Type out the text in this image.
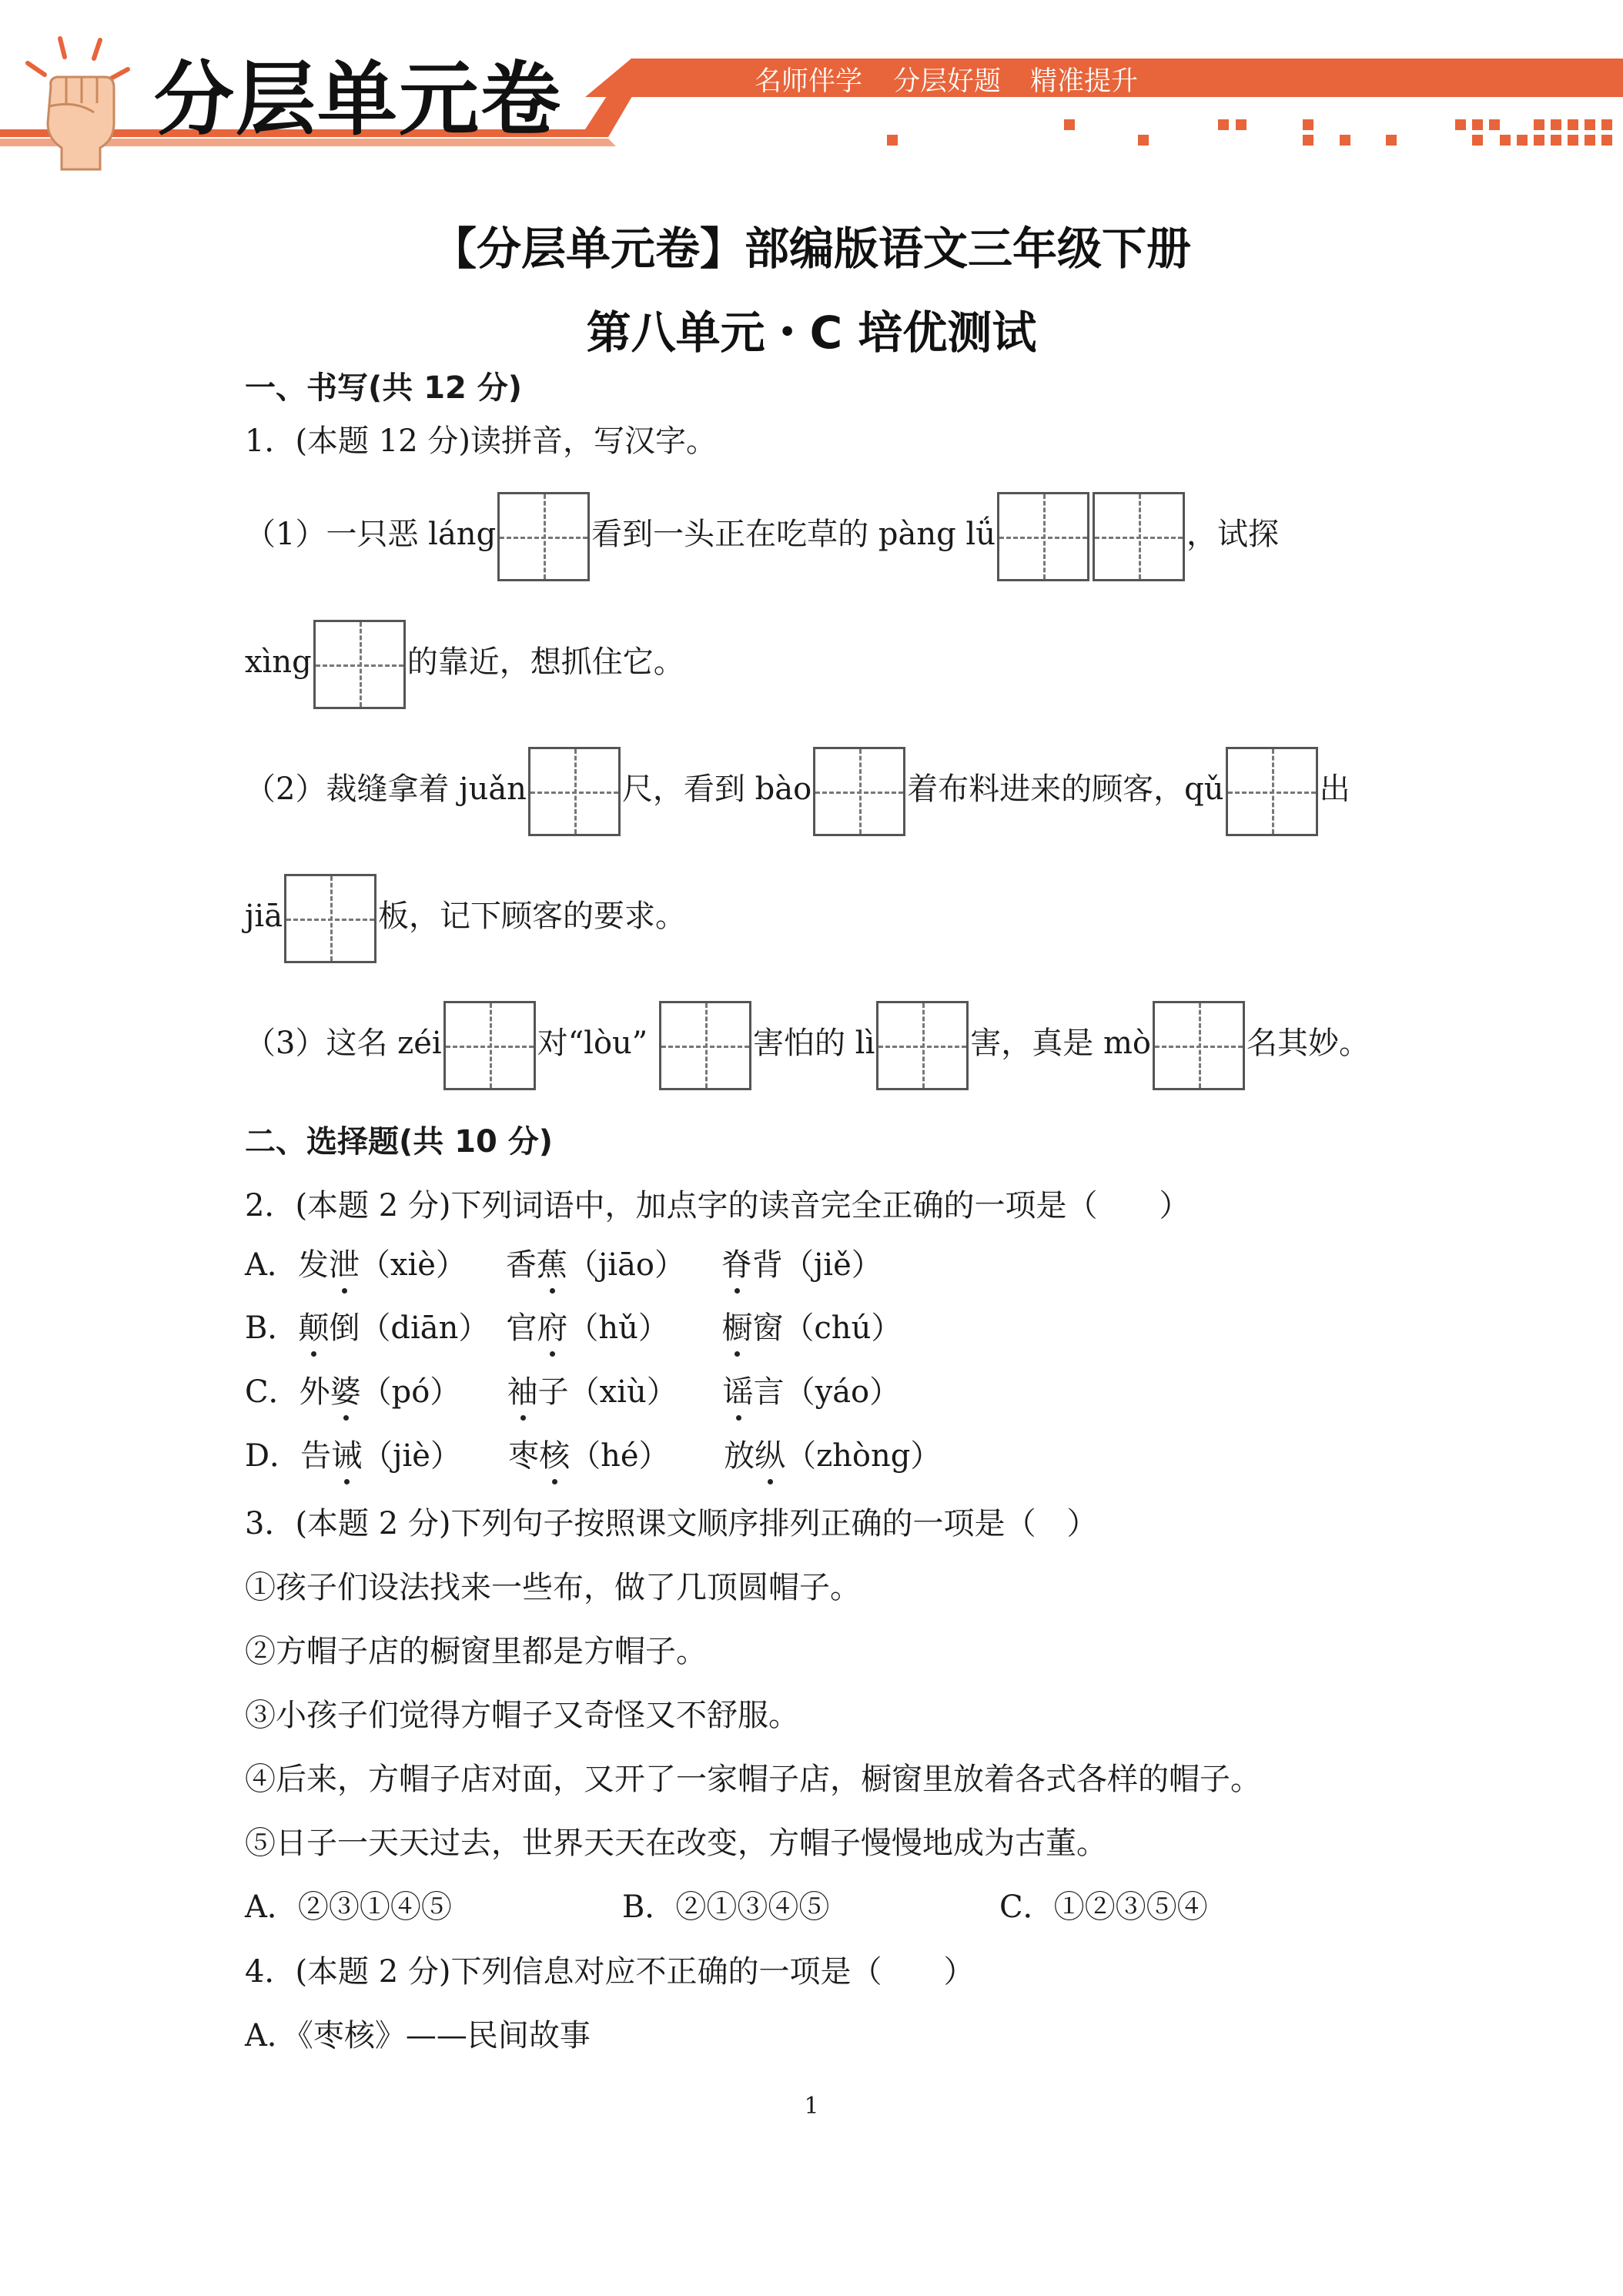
分层单元卷	名师伴学 分层好题 精准提升
【分层单元卷】部编版语文三年级下册
第八单元・C 培优测试
一、书写(共 12 分)
1．(本题 12 分)读拼音，写汉字。
（1）一只恶 láng	看到一头正在吃草的 pàng lǘ	，试探
xìng	的靠近，想抓住它。
（2）裁缝拿着 juǎn	尺，看到 bào	着布料进来的顾客，qǔ	出
jiā	板，记下顾客的要求。
（3）这名 zéi	对“lòu”	害怕的 lì	害，真是 mò	名其妙。
二、选择题(共 10 分)
2．(本题 2 分)下列词语中，加点字的读音完全正确的一项是（　　）
A．发泄（xiè） 香蕉（jiāo） 脊背（jiě）
B．颠倒（diān） 官府（hǔ） 橱窗（chú）
C．外婆（pó） 袖子（xiù） 谣言（yáo）
D．告诫（jiè） 枣核（hé） 放纵（zhòng）
3．(本题 2 分)下列句子按照课文顺序排列正确的一项是（　）
①孩子们设法找来一些布，做了几顶圆帽子。
②方帽子店的橱窗里都是方帽子。
③小孩子们觉得方帽子又奇怪又不舒服。
④后来，方帽子店对面，又开了一家帽子店，橱窗里放着各式各样的帽子。
⑤日子一天天过去，世界天天在改变，方帽子慢慢地成为古董。
A．②③①④⑤	B．②①③④⑤	C．①②③⑤④
4．(本题 2 分)下列信息对应不正确的一项是（　　）
A．《枣核》——民间故事
1
